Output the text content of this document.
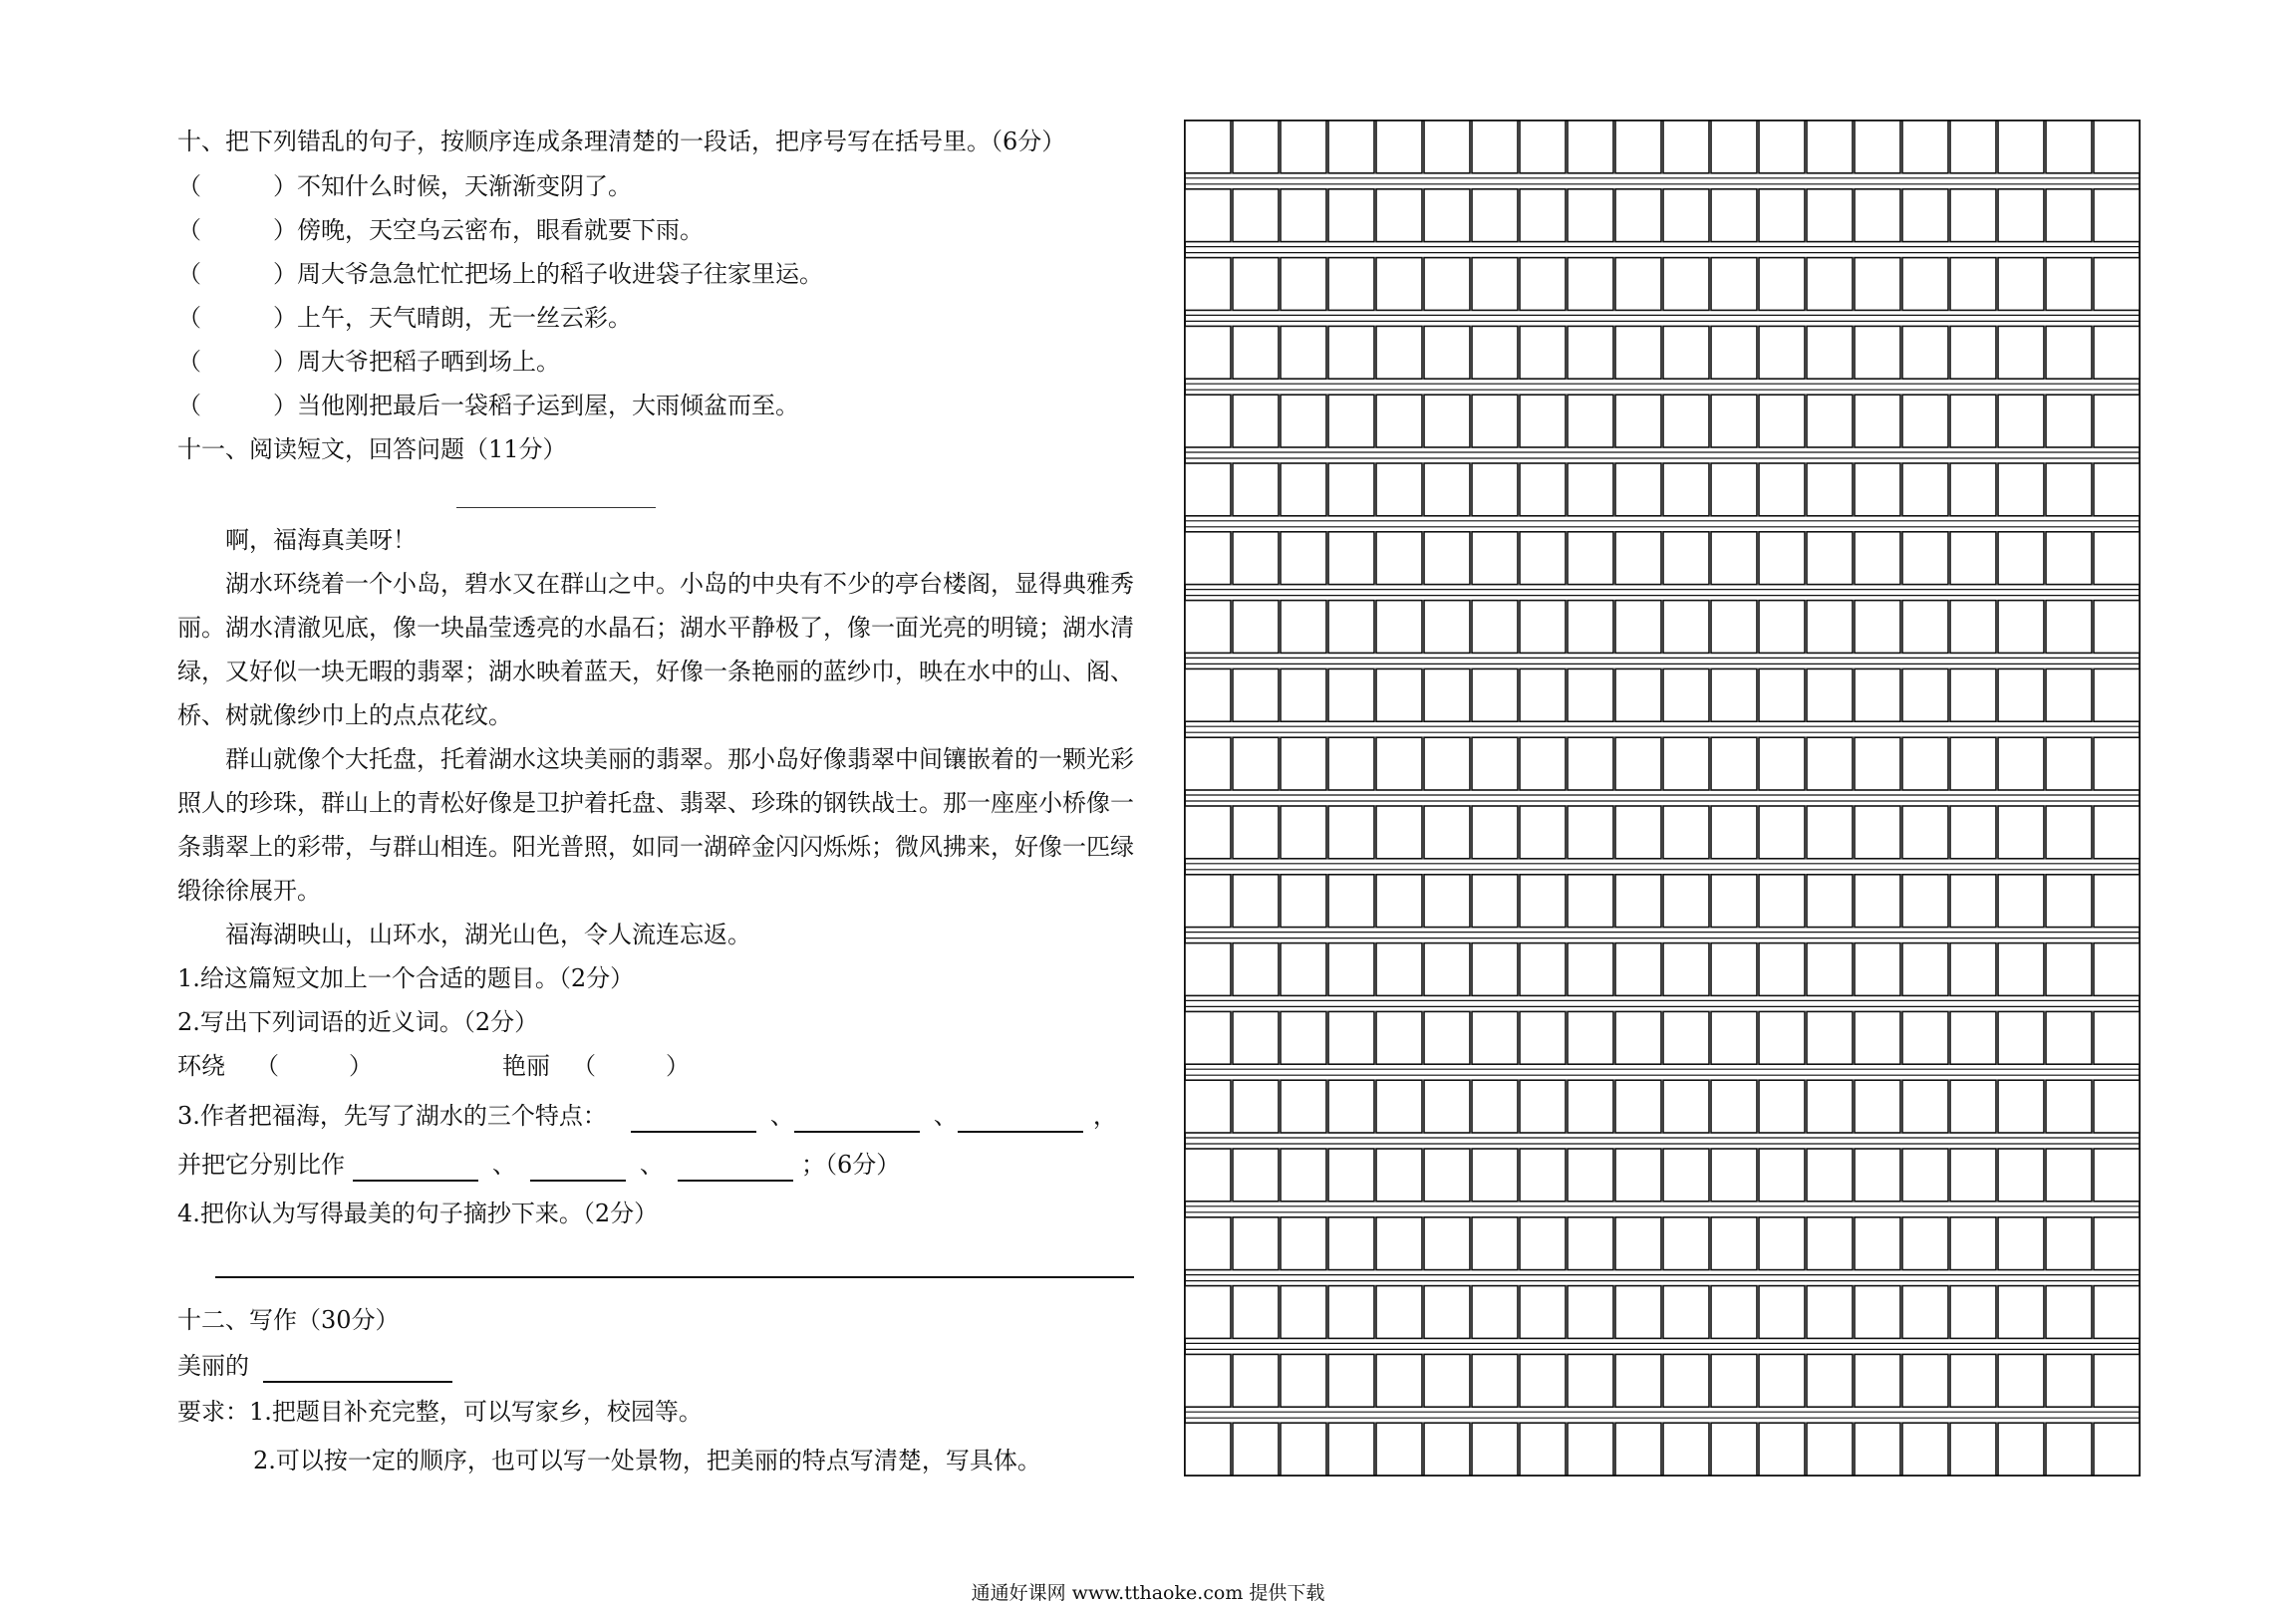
十、把下列错乱的句子，按顺序连成条理清楚的一段话，把序号写在括号里。（6分）
（　　　）不知什么时候，天渐渐变阴了。
（　　　）傍晚，天空乌云密布，眼看就要下雨。
（　　　）周大爷急急忙忙把场上的稻子收进袋子往家里运。
（　　　）上午，天气晴朗，无一丝云彩。
（　　　）周大爷把稻子晒到场上。
（　　　）当他刚把最后一袋稻子运到屋，大雨倾盆而至。
十一、阅读短文，回答问题（11分）
啊，福海真美呀！
湖水环绕着一个小岛，碧水又在群山之中。小岛的中央有不少的亭台楼阁，显得典雅秀丽。湖水清澈见底，像一块晶莹透亮的水晶石；湖水平静极了，像一面光亮的明镜；湖水清绿，又好似一块无暇的翡翠；湖水映着蓝天，好像一条艳丽的蓝纱巾，映在水中的山、阁、桥、树就像纱巾上的点点花纹。
群山就像个大托盘，托着湖水这块美丽的翡翠。那小岛好像翡翠中间镶嵌着的一颗光彩照人的珍珠，群山上的青松好像是卫护着托盘、翡翠、珍珠的钢铁战士。那一座座小桥像一条翡翠上的彩带，与群山相连。阳光普照，如同一湖碎金闪闪烁烁；微风拂来，好像一匹绿缎徐徐展开。
福海湖映山，山环水，湖光山色，令人流连忘返。
1.给这篇短文加上一个合适的题目。（2分）
2.写出下列词语的近义词。（2分）
环绕 （	）	艳丽 （	）
3.作者把福海，先写了湖水的三个特点：	、	、	，
并把它分别比作	、	、	；（6分）
4.把你认为写得最美的句子摘抄下来。（2分）
十二、写作（30分）
美丽的
要求：1.把题目补充完整，可以写家乡，校园等。
2.可以按一定的顺序，也可以写一处景物，把美丽的特点写清楚，写具体。
通通好课网 www.tthaoke.com 提供下载
